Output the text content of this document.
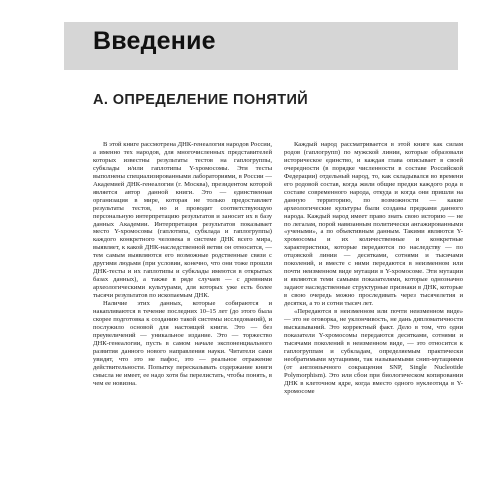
Введение
А. ОПРЕДЕЛЕНИЕ ПОНЯТИЙ

В этой книге рассмотрена ДНК-генеалогия народов России, а именно тех народов, для многочисленных представителей которых известны результаты тестов на гаплогруппы, субклады и/или гаплотипы Y-хромосомы. Эти тесты выполнены специализированными лабораториями, в России — Академией ДНК-генеалогии (г. Москва), президентом которой является автор данной книги. Это — единственная организация в мире, которая не только предоставляет результаты тестов, но и проводит соответствующую персональную интерпретацию результатов и заносит их в базу данных Академии. Интерпретация результатов показывает место Y-хромосомы (гаплотипа, субклада и гаплогруппы) каждого конкретного человека в системе ДНК всего мира, выявляет, к какой ДНК-наследственной ветви он относится, — тем самым выявляются его возможные родственные связи с другими людьми (при условии, конечно, что они тоже прошли ДНК-тесты и их гаплотипы и субклады имеются в открытых базах данных), а также в ряде случаев — с древними археологическими культурами, для которых уже есть более тысячи результатов по ископаемым ДНК.

Наличие этих данных, которые собираются и накапливаются в течение последних 10–15 лет (до этого была скорее подготовка к созданию такой системы исследований), и послужило основой для настоящей книги. Это — без преувеличений — уникальное издание. Это — торжество ДНК-генеалогии, пусть в самом начале экспоненциального развития данного нового направления науки. Читатели сами увидят, что это не пафос, это — реальное отражение действительности. Попытку пересказывать содержание книги смысла не имеет, ее надо хотя бы перелистать, чтобы понять, в чем ее новизна.

Каждый народ рассматривается в этой книге как силам родов (гаплогрупп) по мужской линии, которые образовали историческое единство, и каждая глава описывает в своей очередности (в порядке численности в составе Российской Федерации) отдельный народ, то, как складывался во времени его родовой состав, когда жили общие предки каждого рода в составе современного народа, откуда и когда они пришли на данную территорию, по возможности — какие археологические культуры были созданы предками данного народа. Каждый народ имеет право знать свою историю — не по легалам, порой навязанным политически ангажированными «учеными», а по объективным данным. Такими являются Y-хромосомы и их количественные и конкретные характеристики, которые передаются по наследству — по отцовской линии — десятками, сотнями и тысячами поколений, и вместе с ними передаются в неизменном или почти неизменном виде мутации в Y-хромосоме. Эти мутации и являются теми самыми показателями, которые однозначно задают наследственные структурные признаки в ДНК, которые в свою очередь можно проследивать через тысячелетия и десятки, а то и сотни тысяч лет.

«Передаются в неизменном или почти неизменном виде» — это не оговорка, не уклончивость, не дань дипломатичности высказываний. Это корректный факт. Дело в том, что одни показатели Y-хромосомы передаются десятками, сотнями и тысячами поколений в неизменном виде, — это относится к гаплогруппам и субкладам, определяемым практически необратимыми мутациями, так называемыми снип-мутациями (от англоязычного сокращения SNP, Single Nucleotide Polymorphism). Это или сбои при биологическом копировании ДНК в клеточном ядре, когда вместо одного нуклеотида в Y-хромосоме
